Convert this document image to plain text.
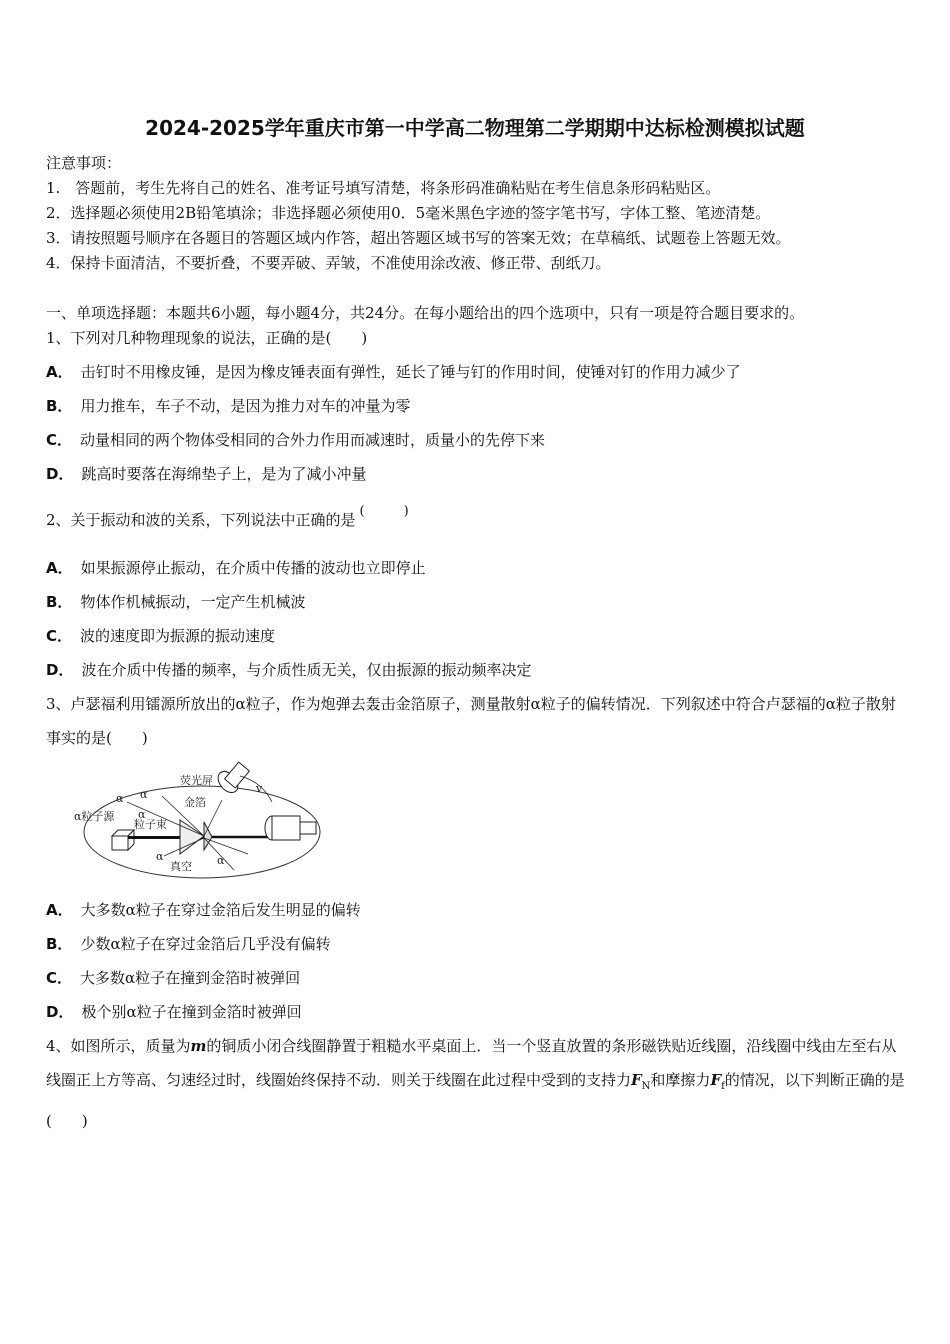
2024-2025学年重庆市第一中学高二物理第二学期期中达标检测模拟试题
注意事项：
1.　答题前，考生先将自己的姓名、准考证号填写清楚，将条形码准确粘贴在考生信息条形码粘贴区。
2．选择题必须使用2B铅笔填涂；非选择题必须使用0．5毫米黑色字迹的签字笔书写，字体工整、笔迹清楚。
3．请按照题号顺序在各题目的答题区域内作答，超出答题区域书写的答案无效；在草稿纸、试题卷上答题无效。
4．保持卡面清洁，不要折叠，不要弄破、弄皱，不准使用涂改液、修正带、刮纸刀。
一、单项选择题：本题共6小题，每小题4分，共24分。在每小题给出的四个选项中，只有一项是符合题目要求的。
1、下列对几种物理现象的说法，正确的是(　　)
A． 击钉时不用橡皮锤，是因为橡皮锤表面有弹性，延长了锤与钉的作用时间，使锤对钉的作用力减少了
B． 用力推车，车子不动，是因为推力对车的冲量为零
C． 动量相同的两个物体受相同的合外力作用而减速时，质量小的先停下来
D． 跳高时要落在海绵垫子上，是为了减小冲量
2、关于振动和波的关系，下列说法中正确的是 (　　　)
A． 如果振源停止振动，在介质中传播的波动也立即停止
B． 物体作机械振动，一定产生机械波
C． 波的速度即为振源的振动速度
D． 波在介质中传播的频率，与介质性质无关，仅由振源的振动频率决定
3、卢瑟福利用镭源所放出的α粒子，作为炮弹去轰击金箔原子，测量散射α粒子的偏转情况．下列叙述中符合卢瑟福的α粒子散射事实的是(　　)
荧光屏
金箔
α粒子源
粒子束
真空
α α
α
α	α
v
A． 大多数α粒子在穿过金箔后发生明显的偏转
B． 少数α粒子在穿过金箔后几乎没有偏转
C． 大多数α粒子在撞到金箔时被弹回
D． 极个别α粒子在撞到金箔时被弹回
4、如图所示，质量为m的铜质小闭合线圈静置于粗糙水平桌面上．当一个竖直放置的条形磁铁贴近线圈，沿线圈中线由左至右从线圈正上方等高、匀速经过时，线圈始终保持不动．则关于线圈在此过程中受到的支持力$F_N$和摩擦力$F_f$的情况，以下判断正确的是(　　)
